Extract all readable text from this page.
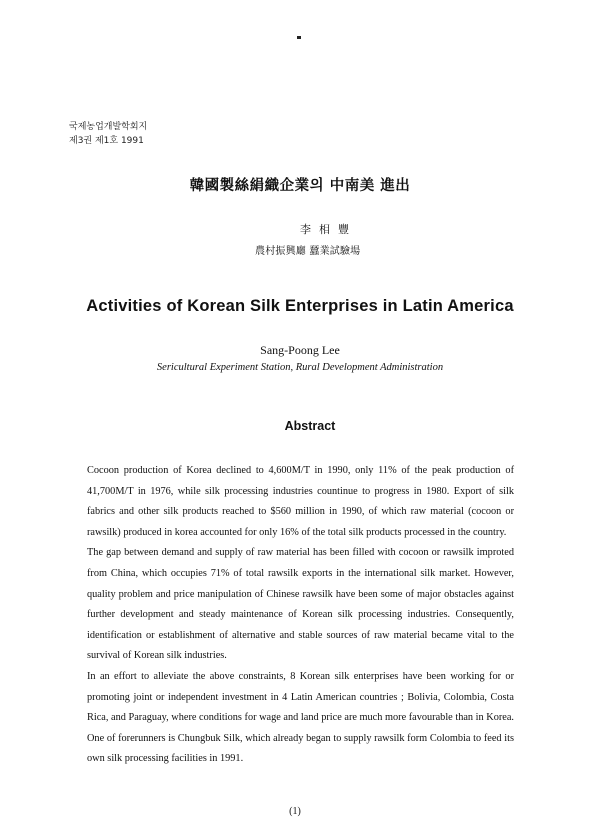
국제농업개발학회지
제3권 제1호 1991
韓國製絲絹織企業의 中南美 進出
李相豐
農村振興廳 蠶業試驗場
Activities of Korean Silk Enterprises in Latin America
Sang-Poong Lee
Sericultural Experiment Station, Rural Development Administration
Abstract

Cocoon production of Korea declined to 4,600M/T in 1990, only 11% of the peak production of 41,700M/T in 1976, while silk processing industries countinue to progress in 1980. Export of silk fabrics and other silk products reached to $560 million in 1990, of which raw material (cocoon or rawsilk) produced in korea accounted for only 16% of the total silk products processed in the country.

The gap between demand and supply of raw material has been filled with cocoon or rawsilk improted from China, which occupies 71% of total rawsilk exports in the international silk market. However, quality problem and price manipulation of Chinese rawsilk have been some of major obstacles against further development and steady maintenance of Korean silk processing industries. Consequently, identification or establishment of alternative and stable sources of raw material became vital to the survival of Korean silk industries.

In an effort to alleviate the above constraints, 8 Korean silk enterprises have been working for or promoting joint or independent investment in 4 Latin American countries ; Bolivia, Colombia, Costa Rica, and Paraguay, where conditions for wage and land price are much more favourable than in Korea. One of forerunners is Chungbuk Silk, which already began to supply rawsilk form Colombia to feed its own silk processing facilities in 1991.

(1)
